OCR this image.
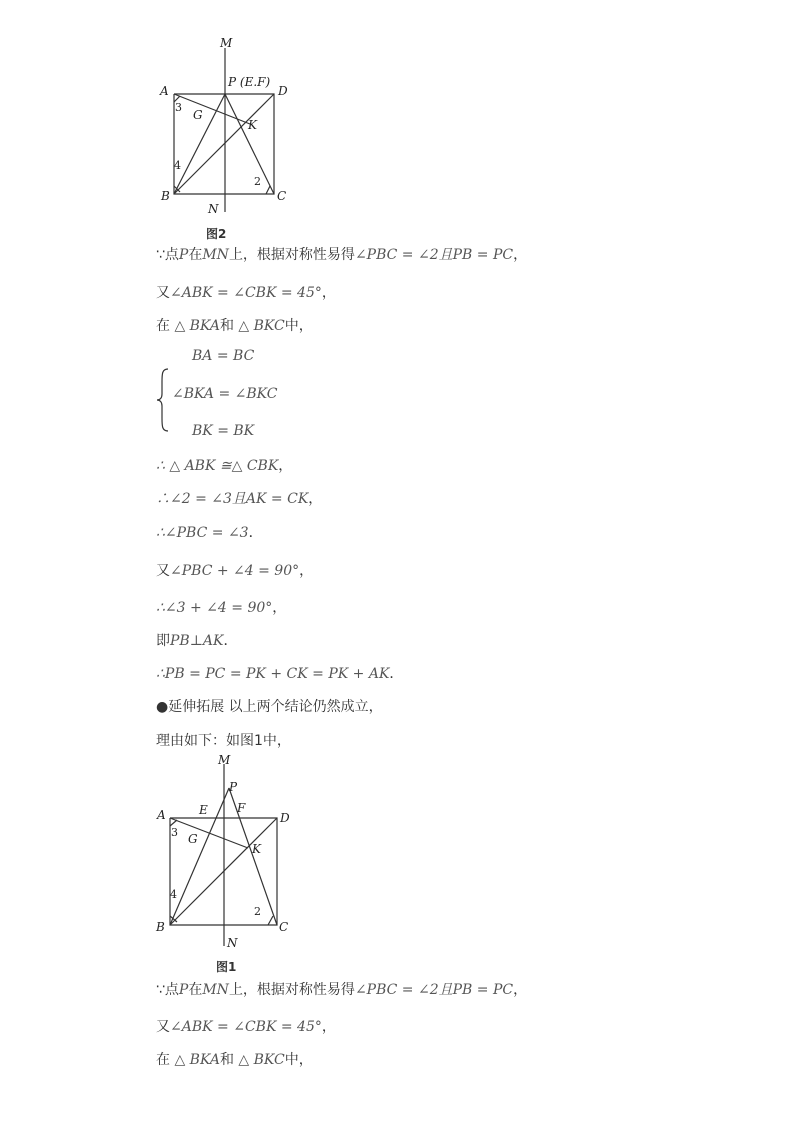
M
N
A
B	C
D
P (E.F)
G
K
3
4
2
图2
∵点P在MN上，根据对称性易得∠PBC = ∠2且PB = PC，
又∠ABK = ∠CBK = 45°，
在 △ BKA和 △ BKC中，
BA = BC
∠BKA = ∠BKC
BK = BK
∴ △ ABK ≅△ CBK，
∴∠2 = ∠3且AK = CK，
∴∠PBC = ∠3．
又∠PBC + ∠4 = 90°，
∴∠3 + ∠4 = 90°，
即PB⊥AK．
∴PB = PC = PK + CK = PK + AK．
●延伸拓展 以上两个结论仍然成立，
理由如下：如图1中，
M
N
A
B	C
D
P
E F
G
K
3
4
2
图1
∵点P在MN上，根据对称性易得∠PBC = ∠2且PB = PC，
又∠ABK = ∠CBK = 45°，
在 △ BKA和 △ BKC中，
